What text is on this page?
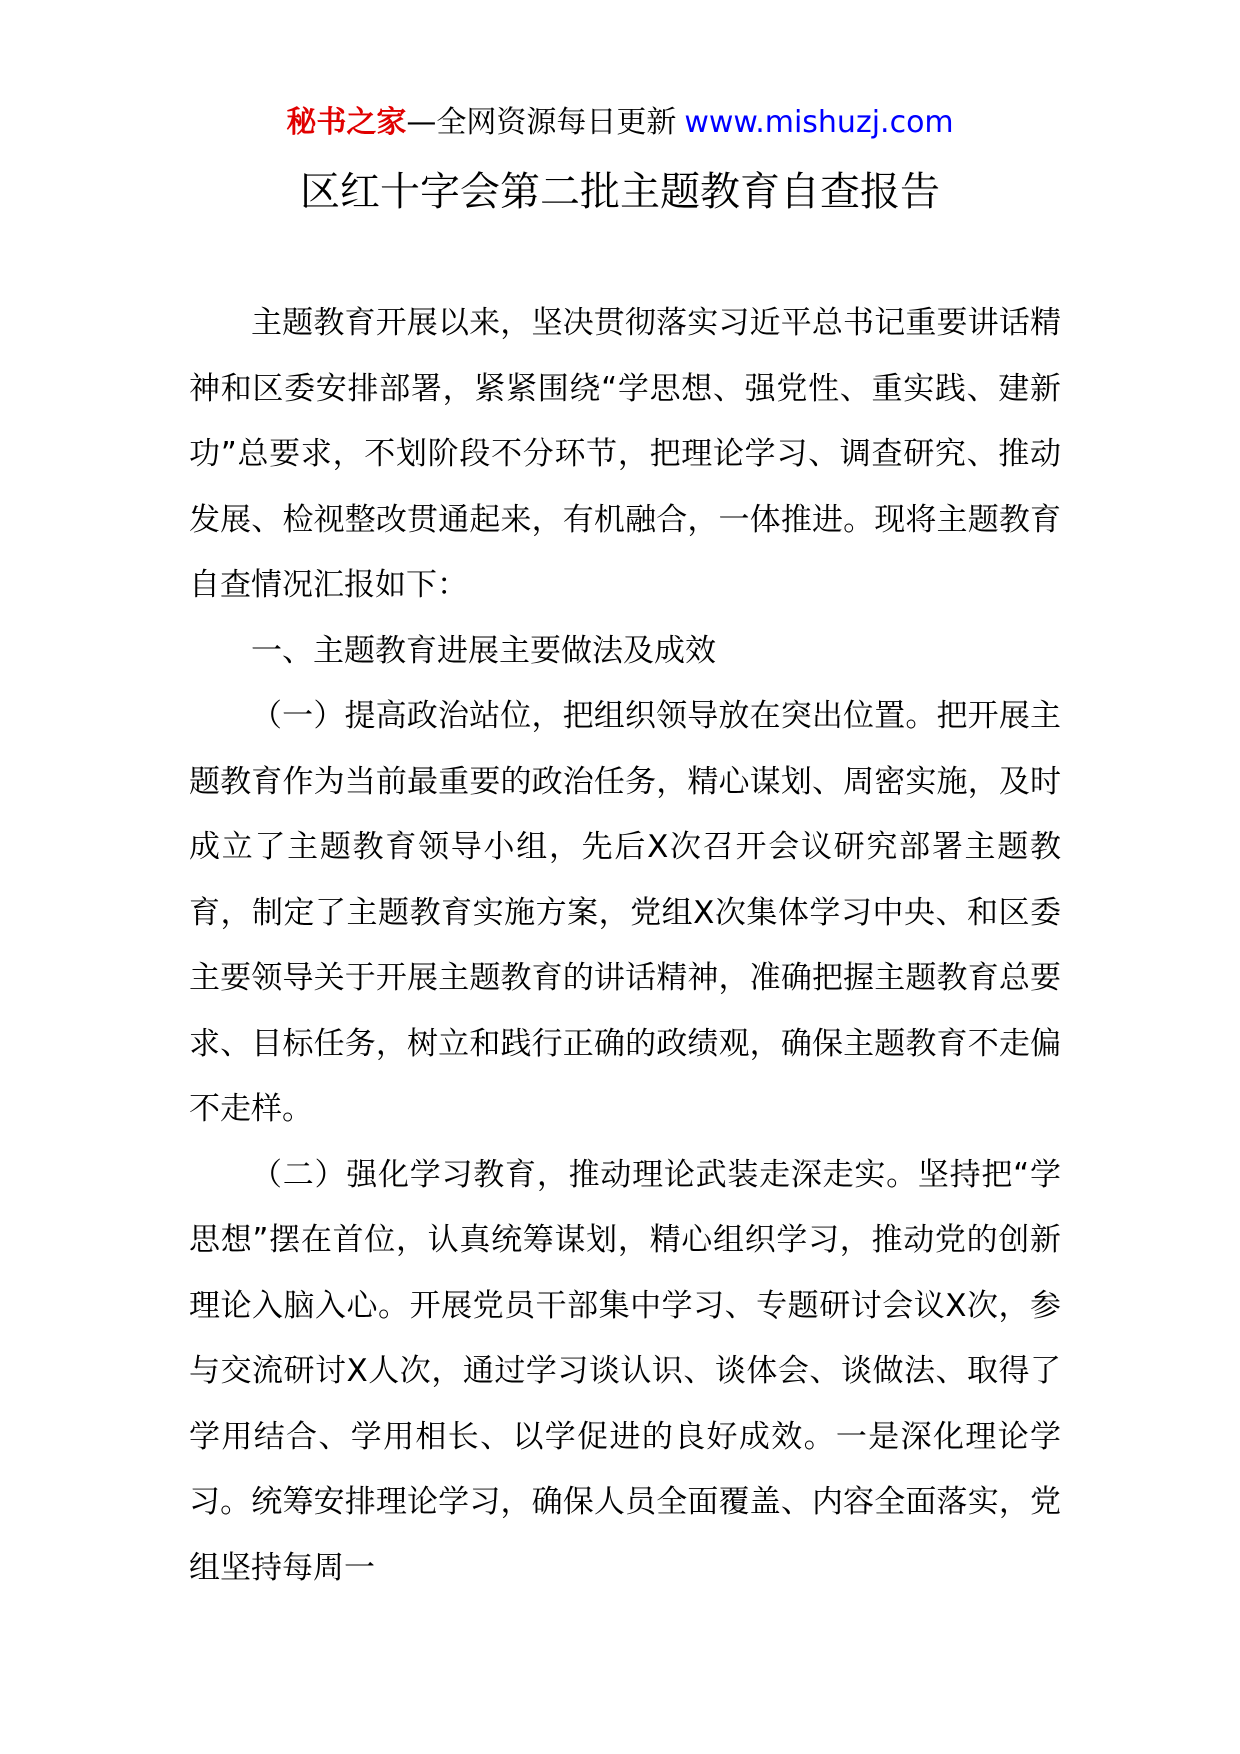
秘书之家—全网资源每日更新 www.mishuzj.com
区红十字会第二批主题教育自查报告

主题教育开展以来，坚决贯彻落实习近平总书记重要讲话精神和区委安排部署，紧紧围绕“学思想、强党性、重实践、建新功”总要求，不划阶段不分环节，把理论学习、调查研究、推动发展、检视整改贯通起来，有机融合，一体推进。现将主题教育自查情况汇报如下：

一、主题教育进展主要做法及成效

（一）提高政治站位，把组织领导放在突出位置。把开展主题教育作为当前最重要的政治任务，精心谋划、周密实施，及时成立了主题教育领导小组，先后X次召开会议研究部署主题教育，制定了主题教育实施方案，党组X次集体学习中央、和区委主要领导关于开展主题教育的讲话精神，准确把握主题教育总要求、目标任务，树立和践行正确的政绩观，确保主题教育不走偏不走样。

（二）强化学习教育，推动理论武装走深走实。坚持把“学思想”摆在首位，认真统筹谋划，精心组织学习，推动党的创新理论入脑入心。开展党员干部集中学习、专题研讨会议X次，参与交流研讨X人次，通过学习谈认识、谈体会、谈做法、取得了学用结合、学用相长、以学促进的良好成效。一是深化理论学习。统筹安排理论学习，确保人员全面覆盖、内容全面落实，党组坚持每周一
